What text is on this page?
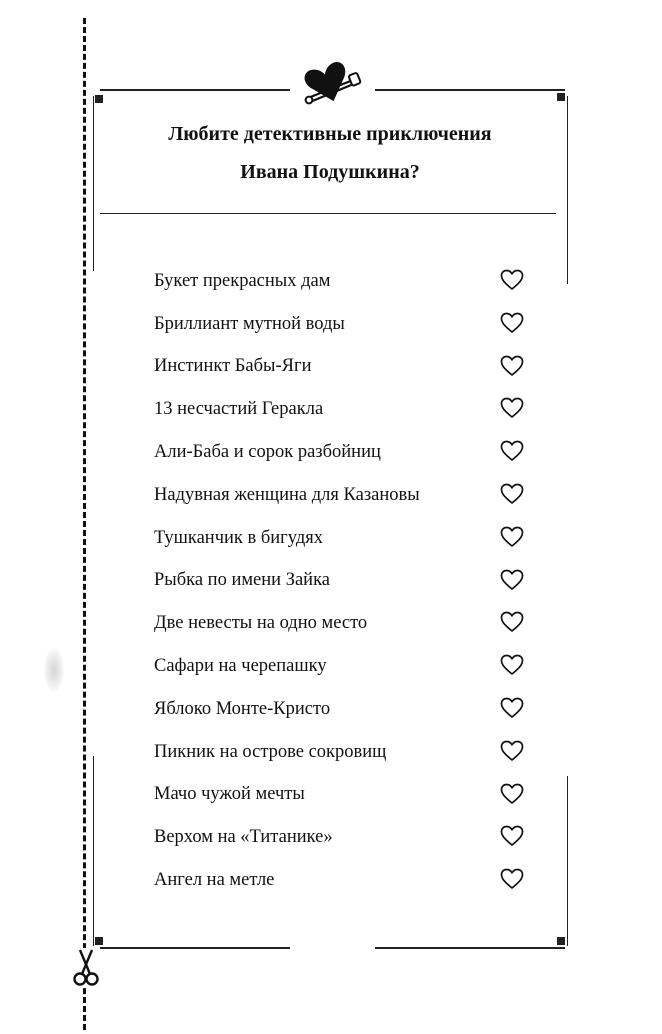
Любите детективные приключения
Ивана Подушкина?
Букет прекрасных дам
Бриллиант мутной воды
Инстинкт Бабы-Яги
13 несчастий Геракла
Али-Баба и сорок разбойниц
Надувная женщина для Казановы
Тушканчик в бигудях
Рыбка по имени Зайка
Две невесты на одно место
Сафари на черепашку
Яблоко Монте-Кристо
Пикник на острове сокровищ
Мачо чужой мечты
Верхом на «Титанике»
Ангел на метле
